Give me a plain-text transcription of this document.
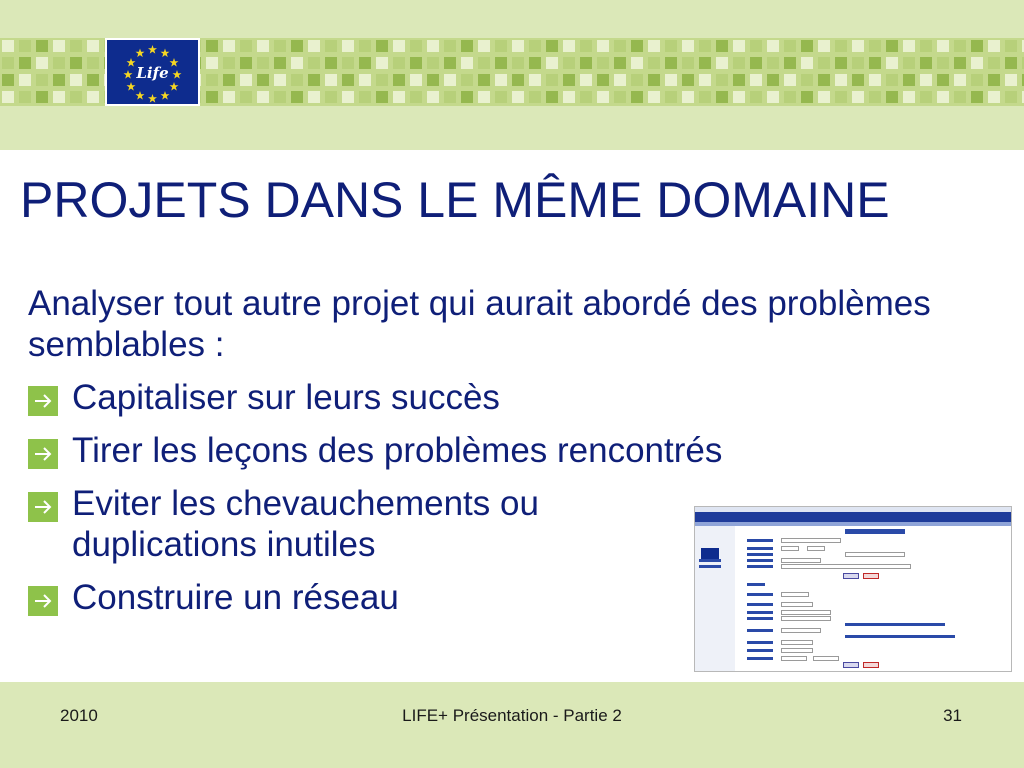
Life
PROJETS DANS LE MÊME DOMAINE

Analyser tout autre projet qui aurait abordé des problèmes semblables :

Capitaliser sur leurs succès
Tirer les leçons des problèmes rencontrés
Eviter les chevauchements ou duplications inutiles
Construire un réseau
2010	LIFE+ Présentation - Partie 2	31
